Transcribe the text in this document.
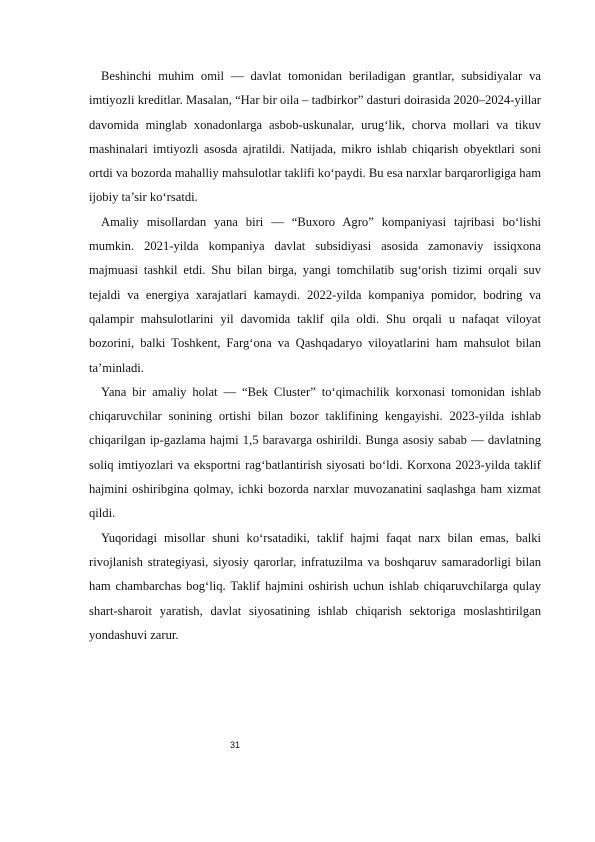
Beshinchi muhim omil — davlat tomonidan beriladigan grantlar, subsidiyalar va imtiyozli kreditlar. Masalan, “Har bir oila – tadbirkor” dasturi doirasida 2020–2024-yillar davomida minglab xonadonlarga asbob-uskunalar, urug‘lik, chorva mollari va tikuv mashinalari imtiyozli asosda ajratildi. Natijada, mikro ishlab chiqarish obyektlari soni ortdi va bozorda mahalliy mahsulotlar taklifi ko‘paydi. Bu esa narxlar barqarorligiga ham ijobiy ta’sir ko‘rsatdi.

Amaliy misollardan yana biri — “Buxoro Agro” kompaniyasi tajribasi bo‘lishi mumkin. 2021-yilda kompaniya davlat subsidiyasi asosida zamonaviy issiqxona majmuasi tashkil etdi. Shu bilan birga, yangi tomchilatib sug‘orish tizimi orqali suv tejaldi va energiya xarajatlari kamaydi. 2022-yilda kompaniya pomidor, bodring va qalampir mahsulotlarini yil davomida taklif qila oldi. Shu orqali u nafaqat viloyat bozorini, balki Toshkent, Farg‘ona va Qashqadaryo viloyatlarini ham mahsulot bilan ta’minladi.

Yana bir amaliy holat — “Bek Cluster” to‘qimachilik korxonasi tomonidan ishlab chiqaruvchilar sonining ortishi bilan bozor taklifining kengayishi. 2023-yilda ishlab chiqarilgan ip-gazlama hajmi 1,5 baravarga oshirildi. Bunga asosiy sabab — davlatning soliq imtiyozlari va eksportni rag‘batlantirish siyosati bo‘ldi. Korxona 2023-yilda taklif hajmini oshiribgina qolmay, ichki bozorda narxlar muvozanatini saqlashga ham xizmat qildi.

Yuqoridagi misollar shuni ko‘rsatadiki, taklif hajmi faqat narx bilan emas, balki rivojlanish strategiyasi, siyosiy qarorlar, infratuzilma va boshqaruv samaradorligi bilan ham chambarchas bog‘liq. Taklif hajmini oshirish uchun ishlab chiqaruvchilarga qulay shart-sharoit yaratish, davlat siyosatining ishlab chiqarish sektoriga moslashtirilgan yondashuvi zarur.

31
